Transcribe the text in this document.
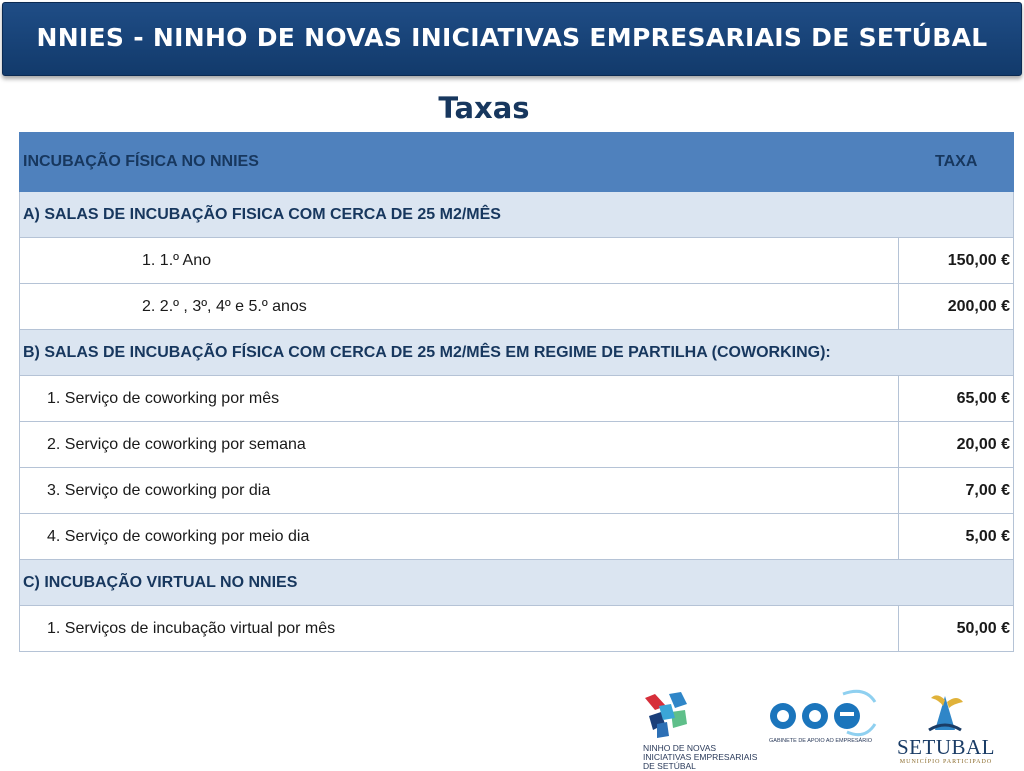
NNIES - NINHO DE NOVAS INICIATIVAS EMPRESARIAIS DE SETÚBAL
Taxas
INCUBAÇÃO FÍSICA NO NNIES	TAXA
A) SALAS DE INCUBAÇÃO FISICA COM CERCA DE 25 M2/MÊS	
1. 1.º Ano	150,00 €
2. 2.º , 3º, 4º e 5.º anos	200,00 €
B) SALAS DE INCUBAÇÃO FÍSICA COM CERCA DE 25 M2/MÊS EM REGIME DE PARTILHA (COWORKING):	
1. Serviço de coworking por mês	65,00 €
2. Serviço de coworking por semana	20,00 €
3. Serviço de coworking por dia	7,00 €
4. Serviço de coworking por meio dia	5,00 €
C) INCUBAÇÃO VIRTUAL NO NNIES	
1. Serviços de incubação virtual por mês	50,00 €
NINHO DE NOVAS INICIATIVAS EMPRESARIAIS DE SETÚBAL
GABINETE DE APOIO AO EMPRESÁRIO	SETUBAL
MUNICÍPIO PARTICIPADO
